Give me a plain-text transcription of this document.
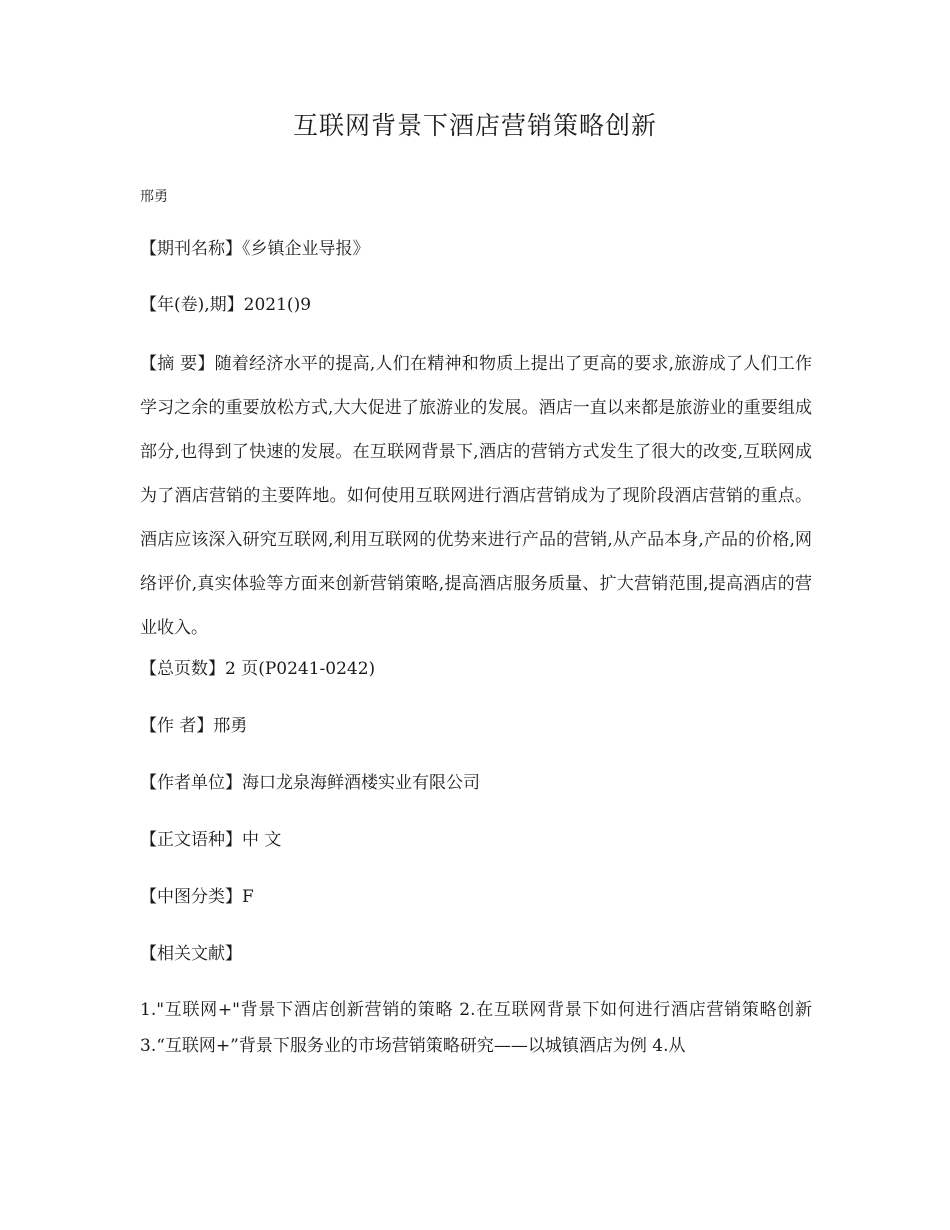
互联网背景下酒店营销策略创新
邢勇
【期刊名称】《乡镇企业导报》
【年(卷),期】2021()9
【摘 要】随着经济水平的提高,人们在精神和物质上提出了更高的要求,旅游成了人们工作学习之余的重要放松方式,大大促进了旅游业的发展。酒店一直以来都是旅游业的重要组成部分,也得到了快速的发展。在互联网背景下,酒店的营销方式发生了很大的改变,互联网成为了酒店营销的主要阵地。如何使用互联网进行酒店营销成为了现阶段酒店营销的重点。酒店应该深入研究互联网,利用互联网的优势来进行产品的营销,从产品本身,产品的价格,网络评价,真实体验等方面来创新营销策略,提高酒店服务质量、扩大营销范围,提高酒店的营业收入。
【总页数】2 页(P0241-0242)
【作 者】邢勇
【作者单位】海口龙泉海鲜酒楼实业有限公司
【正文语种】中 文
【中图分类】F
【相关文献】
1."互联网+"背景下酒店创新营销的策略 2.在互联网背景下如何进行酒店营销策略创新 3.“互联网+”背景下服务业的市场营销策略研究——以城镇酒店为例 4.从
